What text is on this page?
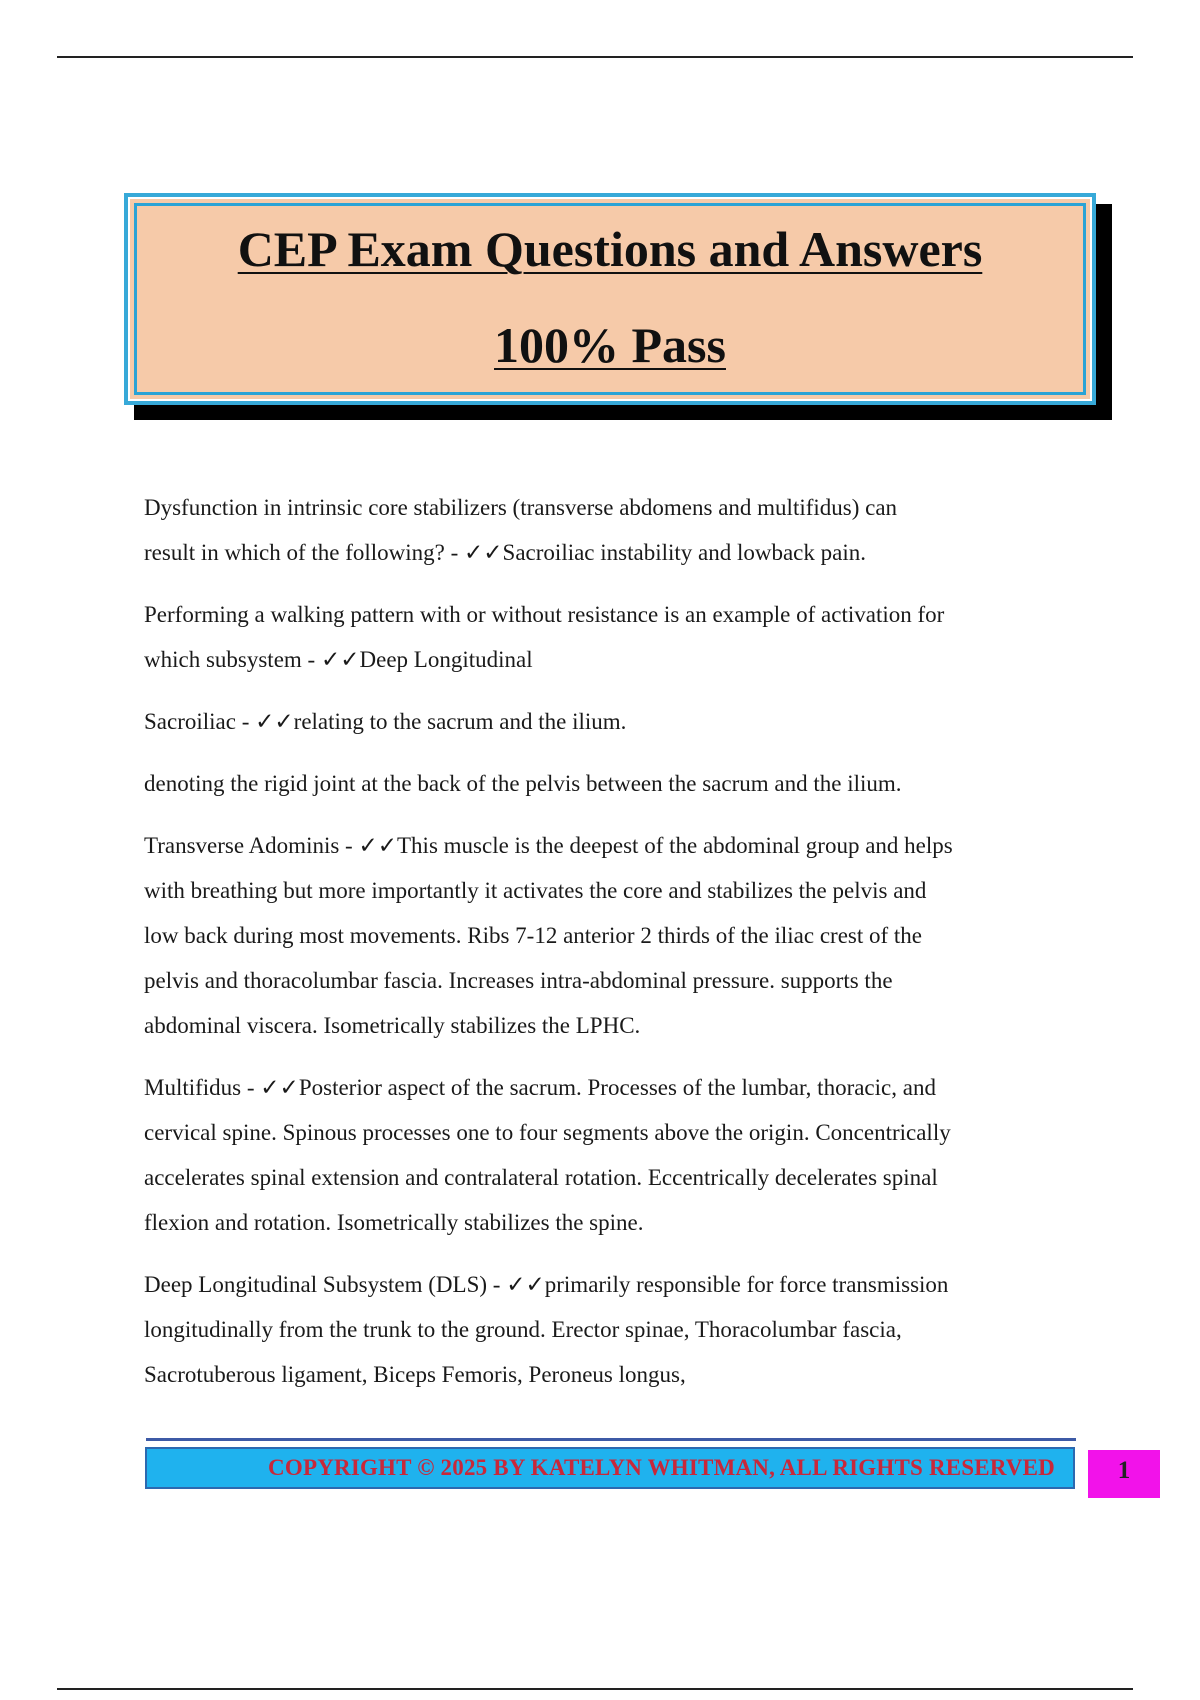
CEP Exam Questions and Answers
100% Pass
Dysfunction in intrinsic core stabilizers (transverse abdomens and multifidus) can
result in which of the following? - ✓✓Sacroiliac instability and lowback pain.
Performing a walking pattern with or without resistance is an example of activation for
which subsystem - ✓✓Deep Longitudinal
Sacroiliac - ✓✓relating to the sacrum and the ilium.
denoting the rigid joint at the back of the pelvis between the sacrum and the ilium.
Transverse Adominis - ✓✓This muscle is the deepest of the abdominal group and helps
with breathing but more importantly it activates the core and stabilizes the pelvis and
low back during most movements. Ribs 7-12 anterior 2 thirds of the iliac crest of the
pelvis and thoracolumbar fascia. Increases intra-abdominal pressure. supports the
abdominal viscera. Isometrically stabilizes the LPHC.
Multifidus - ✓✓Posterior aspect of the sacrum. Processes of the lumbar, thoracic, and
cervical spine. Spinous processes one to four segments above the origin. Concentrically
accelerates spinal extension and contralateral rotation. Eccentrically decelerates spinal
flexion and rotation. Isometrically stabilizes the spine.
Deep Longitudinal Subsystem (DLS) - ✓✓primarily responsible for force transmission
longitudinally from the trunk to the ground. Erector spinae, Thoracolumbar fascia,
Sacrotuberous ligament, Biceps Femoris, Peroneus longus,
COPYRIGHT © 2025 BY KATELYN WHITMAN, ALL RIGHTS RESERVED	1
